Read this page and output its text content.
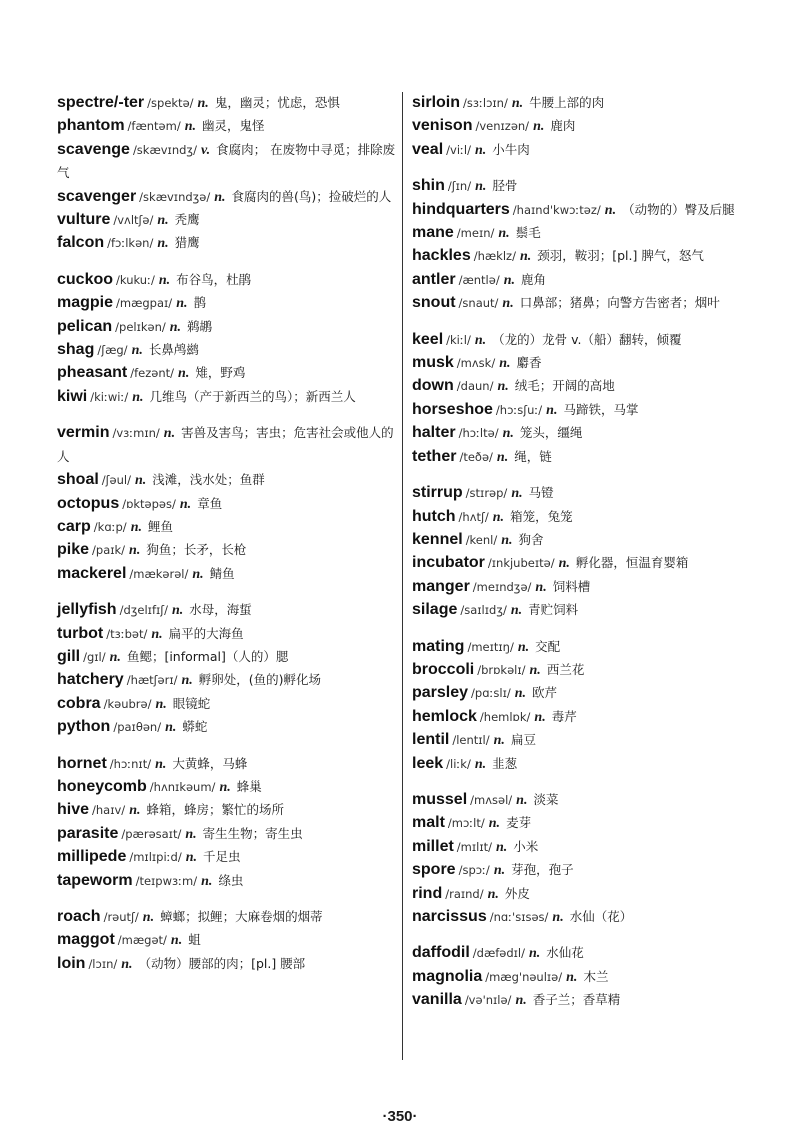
spectre/-ter /spektə/ n. 鬼，幽灵；忧虑，恐惧

phantom /fæntəm/ n. 幽灵，鬼怪

scavenge /skævɪndʒ/ v. 食腐肉； 在废物中寻觅；排除废气

scavenger /skævɪndʒə/ n. 食腐肉的兽(鸟)；捡破烂的人

vulture /vʌltʃə/ n. 秃鹰

falcon /fɔːlkən/ n. 猎鹰

cuckoo /kukuː/ n. 布谷鸟，杜鹃

magpie /mægpaɪ/ n. 鹊

pelican /pelɪkən/ n. 鹈鹕

shag /ʃæg/ n. 长鼻鸬鹚

pheasant /fezənt/ n. 雉，野鸡

kiwi /kiːwiː/ n. 几维鸟（产于新西兰的鸟）；新西兰人

vermin /vɜːmɪn/ n. 害兽及害鸟；害虫；危害社会或他人的人

shoal /ʃəul/ n. 浅滩，浅水处；鱼群

octopus /ɒktəpəs/ n. 章鱼

carp /kɑːp/ n. 鲤鱼

pike /paɪk/ n. 狗鱼；长矛，长枪

mackerel /mækərəl/ n. 鲭鱼

jellyfish /dʒelɪfɪʃ/ n. 水母，海蜇

turbot /tɜːbət/ n. 扁平的大海鱼

gill /gɪl/ n. 鱼鳃；[informal]（人的）腮

hatchery /hætʃərɪ/ n. 孵卵处，(鱼的)孵化场

cobra /kəubrə/ n. 眼镜蛇

python /paɪθən/ n. 蟒蛇

hornet /hɔːnɪt/ n. 大黄蜂，马蜂

honeycomb /hʌnɪkəum/ n. 蜂巢

hive /haɪv/ n. 蜂箱，蜂房；繁忙的场所

parasite /pærəsaɪt/ n. 寄生生物；寄生虫

millipede /mɪlɪpiːd/ n. 千足虫

tapeworm /teɪpwɜːm/ n. 绦虫

roach /rəutʃ/ n. 蟑螂；拟鲤；大麻卷烟的烟蒂

maggot /mægət/ n. 蛆

loin /lɔɪn/ n. （动物）腰部的肉；[pl.] 腰部

sirloin /sɜːlɔɪn/ n. 牛腰上部的肉

venison /venɪzən/ n. 鹿肉

veal /viːl/ n. 小牛肉

shin /ʃɪn/ n. 胫骨

hindquarters /haɪnd'kwɔːtəz/ n. （动物的）臀及后腿

mane /meɪn/ n. 鬃毛

hackles /hæklz/ n. 颈羽，鞍羽；[pl.] 脾气，怒气

antler /æntlə/ n. 鹿角

snout /snaut/ n. 口鼻部；猪鼻；向警方告密者；烟叶

keel /kiːl/ n. （龙的）龙骨 v.（船）翻转，倾覆

musk /mʌsk/ n. 麝香

down /daun/ n. 绒毛；开阔的高地

horseshoe /hɔːsʃuː/ n. 马蹄铁，马掌

halter /hɔːltə/ n. 笼头，缰绳

tether /teðə/ n. 绳，链

stirrup /stɪrəp/ n. 马镫

hutch /hʌtʃ/ n. 箱笼，兔笼

kennel /kenl/ n. 狗舍

incubator /ɪnkjubeɪtə/ n. 孵化器，恒温育婴箱

manger /meɪndʒə/ n. 饲料槽

silage /saɪlɪdʒ/ n. 青贮饲料

mating /meɪtɪŋ/ n. 交配

broccoli /brɒkəlɪ/ n. 西兰花

parsley /pɑːslɪ/ n. 欧芹

hemlock /hemlɒk/ n. 毒芹

lentil /lentɪl/ n. 扁豆

leek /liːk/ n. 韭葱

mussel /mʌsəl/ n. 淡菜

malt /mɔːlt/ n. 麦芽

millet /mɪlɪt/ n. 小米

spore /spɔː/ n. 芽孢，孢子

rind /raɪnd/ n. 外皮

narcissus /nɑː'sɪsəs/ n. 水仙（花）

daffodil /dæfədɪl/ n. 水仙花

magnolia /mæg'nəulɪə/ n. 木兰

vanilla /və'nɪlə/ n. 香子兰；香草精

·350·
